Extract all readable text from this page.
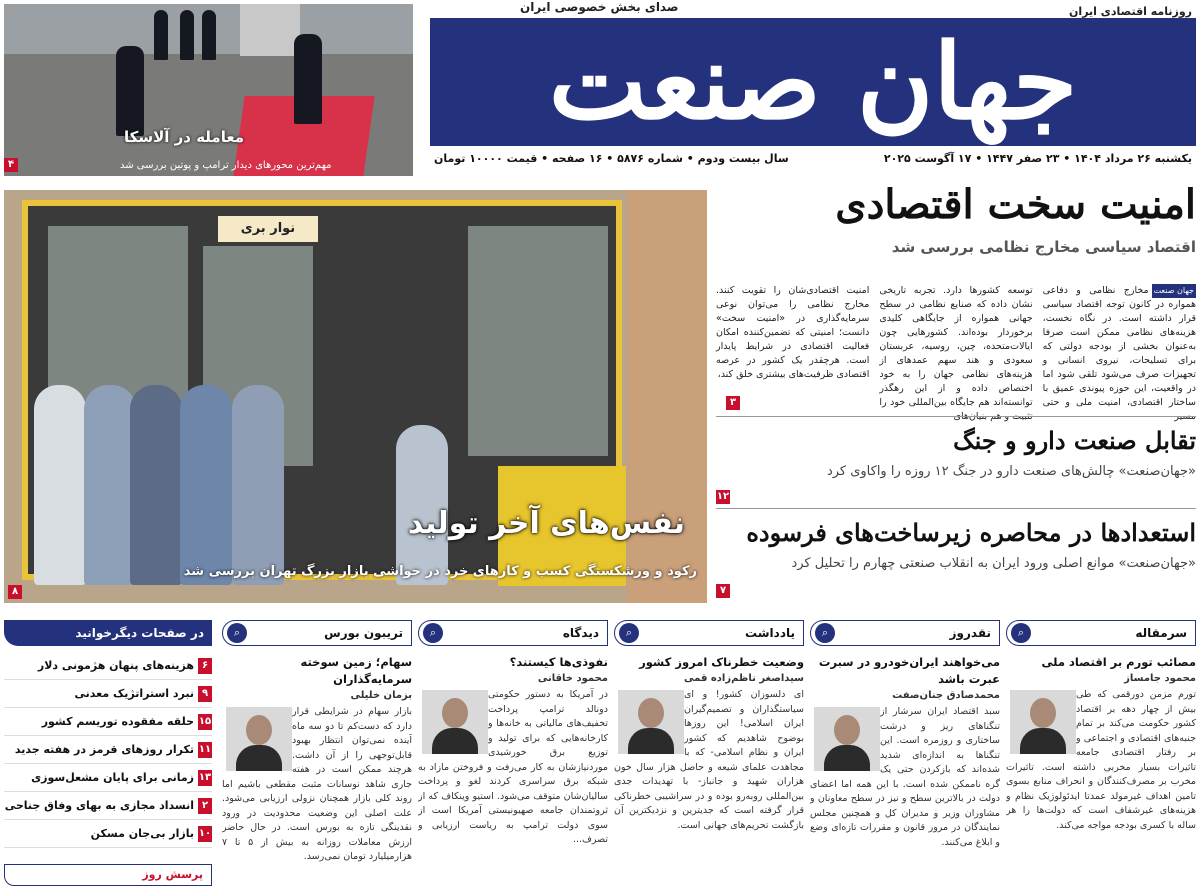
صدای بخش خصوصی ایران	روزنامه اقتصادی ایران
جهان صنعت
یکشنبه ۲۶ مرداد ۱۴۰۴ • ۲۳ صفر ۱۴۴۷ • ۱۷ آگوست ۲۰۲۵
سال بیست ودوم • شماره ۵۸۷۶ • ۱۶ صفحه • قیمت ۱۰۰۰۰ تومان
معامله در آلاسکا
مهم‌ترین محورهای دیدار ترامپ و پوتین بررسی شد
۴
نوار بری
نفس‌های آخر تولید
رکود و ورشکستگی کسب و کارهای خرد در حواشی بازار بزرگ تهران بررسی شد
۸
امنیت سخت اقتصادی
اقتصاد سیاسی مخارج نظامی بررسی شد
جهان صنعتمخارج نظامی و دفاعی همواره در کانون توجه اقتصاد سیاسی قرار داشته است. در نگاه نخست، هزینه‌های نظامی ممکن است صرفا به‌عنوان بخشی از بودجه دولتی که برای تسلیحات، نیروی انسانی و تجهیزات صرف می‌شود تلقی شود اما در واقعیت، این حوزه پیوندی عمیق با ساختار اقتصادی، امنیت ملی و حتی
توسعه کشورها دارد. تجربه تاریخی نشان داده که صنایع نظامی در سطح جهانی همواره از جایگاهی کلیدی برخوردار بوده‌اند. کشورهایی چون ایالات‌متحده، چین، روسیه، عربستان سعودی و هند سهم عمدهای از هزینه‌های نظامی جهان را به خود اختصاص داده و از این رهگذر توانسته‌اند هم جایگاه بین‌المللی خود را
امنیت اقتصادی‌شان را تقویت کنند. مخارج نظامی را می‌توان نوعی سرمایه‌گذاری در «امنیت سخت» دانست؛ امنیتی که تضمین‌کننده امکان فعالیت اقتصادی در شرایط پایدار است. هرچقدر یک کشور در عرصه اقتصادی ظرفیت‌های بیشتری خلق کند،
۳
تقابل صنعت دارو و جنگ

«جهان‌صنعت» چالش‌های صنعت دارو در جنگ ۱۲ روزه را واکاوی کرد

۱۲
استعدادها در محاصره زیرساخت‌های فرسوده

«جهان‌صنعت» موانع اصلی ورود ایران به انقلاب صنعتی چهارم را تحلیل کرد

۷
سرمقاله
⌕
مصائب تورم بر اقتصاد ملی
محمود جامساز
تورم مزمن دورقمی که طی بیش از چهار دهه بر اقتصاد کشور حکومت می‌کند بر تمام جنبه‌های اقتصادی و اجتماعی و بر رفتار اقتصادی جامعه تاثیرات بسیار مخربی داشته است. تاثیرات مخرب بر مصرف‌کنندگان و انحراف منابع بسوی تامین اهداف غیرمولد عمدتا ایدئولوژیک نظام و هزینه‌های غیرشفاف است که دولت‌ها را هر ساله با کسری بودجه مواجه می‌کند.
نقدروز
⌕
می‌خواهند ایران‌خودرو در سبرت عبرت باشد
محمدصادق جنان‌صفت
سبد اقتصاد ایران سرشار از تنگناهای ریز و درشت ساختاری و روزمره است. این تنگناها به اندازه‌ای شدید شده‌اند که بازکردن حتی یک گره ناممکن شده است. با این همه اما اعضای دولت در بالاترین سطح و نیز در سطح معاونان و مشاوران وزیر و مدیران کل و همچنین مجلس نمایندگان در مرور قانون و مقررات تازه‌ای وضع و ابلاغ می‌کنند.
یادداشت
⌕
وضعیت خطرناک امروز کشور
سیداصغر ناظم‌زاده قمی
ای دلسوزان کشور! و ای سیاستگذاران و تصمیم‌گیران ایران اسلامی! این روزها بوضوح شاهدیم که کشور ایران و نظام اسلامی- که با مجاهدت علمای شیعه و حاصل هزار سال خون هزاران شهید و جانباز- با تهدیدات جدی بین‌المللی روبه‌رو بوده و در سراشیبی خطرناکی قرار گرفته است که جدیترین و نزدیکترین آن بازگشت تحریم‌های جهانی است.
دیدگاه
⌕
نفوذی‌ها کیستند؟
محمود خاقانی
در آمریکا به دستور حکومتی دونالد ترامپ پرداخت تخفیف‌های مالیاتی به خانه‌ها و کارخانه‌هایی که برای تولید و توزیع برق خورشیدی موردنیازشان به کار می‌رفت و فروختن مازاد به شبکه برق سراسری کردند لغو و پرداخت سالیان‌شان متوقف می‌شود. استیو وینکاف که از ثروتمندان جامعه صهیونیستی آمریکا است از سوی دولت ترامپ به ریاست ارزیابی و تصرف...
تریبون بورس
⌕
سهام؛ زمین سوخته سرمایه‌گذاران
بزمان خلیلی
بازار سهام در شرایطی قرار دارد که دست‌کم تا دو سه ماه آینده نمی‌توان انتظار بهبود قابل‌توجهی را از آن داشت. هرچند ممکن است در هفته جاری شاهد نوسانات مثبت مقطعی باشیم اما روند کلی بازار همچنان نزولی ارزیابی می‌شود. علت اصلی این وضعیت محدودیت در ورود نقدینگی تازه به بورس است. در حال حاضر ارزش معاملات روزانه به بیش از ۵ تا ۷ هزارمیلیارد تومان نمی‌رسد.
در صفحات دیگرخوانید
۶
هزینه‌های پنهان هژمونی دلار
۹
نبرد استراتژیک معدنی
۱۵
حلقه مفقوده توریسم کشور
۱۱
تکرار روزهای قرمز در هفته جدید
۱۳
زمانی برای پایان مشعل‌سوزی
۲
انسداد مجازی به بهای وفاق جناحی
۱۰
بازار بی‌جان مسکن
پرسش روز
